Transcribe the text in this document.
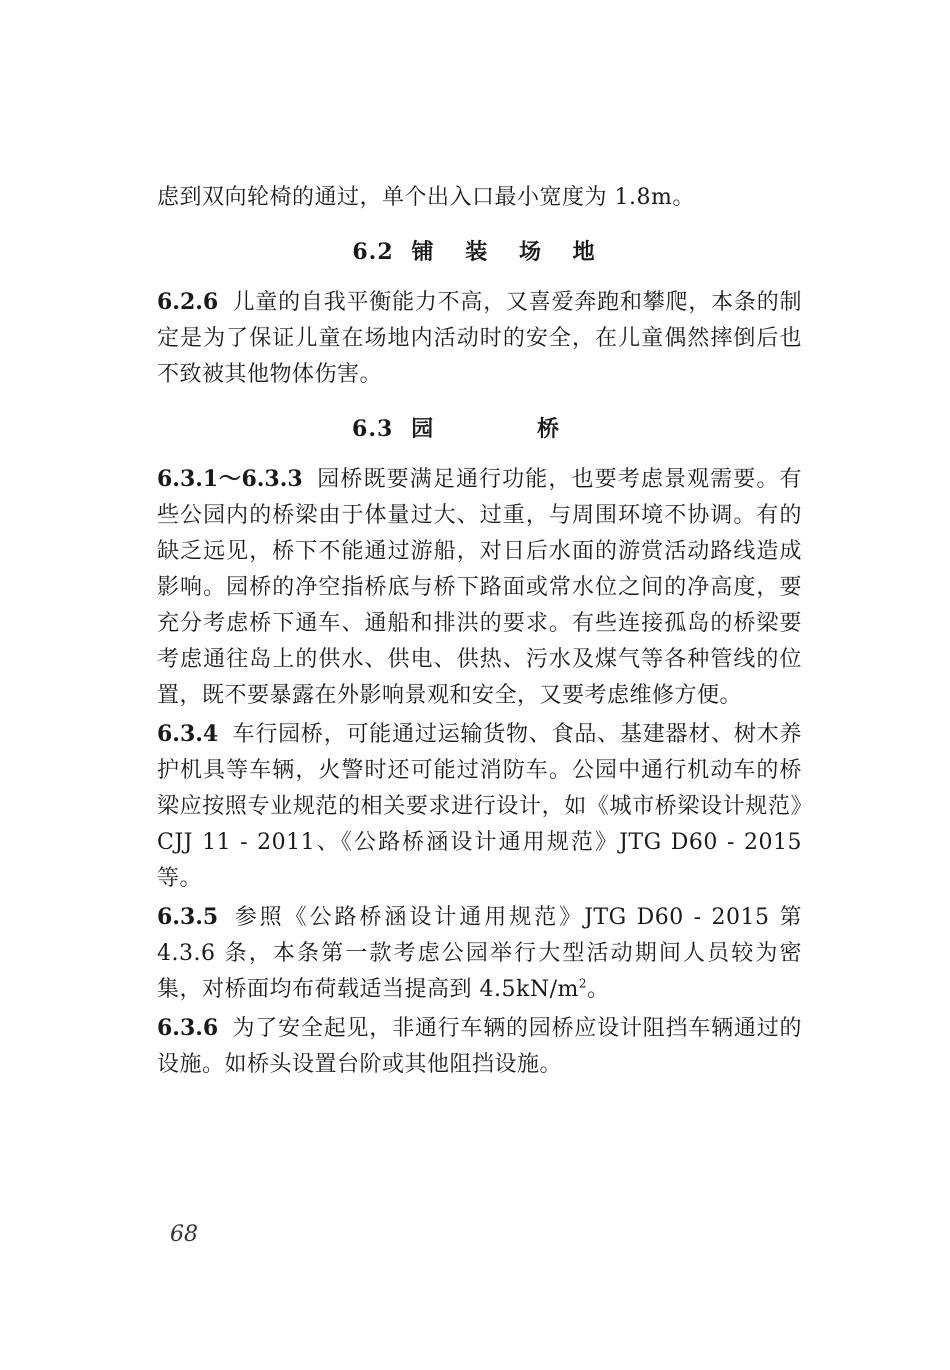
虑到双向轮椅的通过，单个出入口最小宽度为 1.8m。

6.2 铺 装 场 地

6.2.6 儿童的自我平衡能力不高，又喜爱奔跑和攀爬，本条的制定是为了保证儿童在场地内活动时的安全，在儿童偶然摔倒后也不致被其他物体伤害。

6.3 园 桥

6.3.1～6.3.3 园桥既要满足通行功能，也要考虑景观需要。有些公园内的桥梁由于体量过大、过重，与周围环境不协调。有的缺乏远见，桥下不能通过游船，对日后水面的游赏活动路线造成影响。园桥的净空指桥底与桥下路面或常水位之间的净高度，要充分考虑桥下通车、通船和排洪的要求。有些连接孤岛的桥梁要考虑通往岛上的供水、供电、供热、污水及煤气等各种管线的位置，既不要暴露在外影响景观和安全，又要考虑维修方便。

6.3.4 车行园桥，可能通过运输货物、食品、基建器材、树木养护机具等车辆，火警时还可能过消防车。公园中通行机动车的桥梁应按照专业规范的相关要求进行设计，如《城市桥梁设计规范》CJJ 11 - 2011、《公路桥涵设计通用规范》JTG D60 - 2015 等。

6.3.5 参照《公路桥涵设计通用规范》JTG D60 - 2015 第 4.3.6 条，本条第一款考虑公园举行大型活动期间人员较为密集，对桥面均布荷载适当提高到 $4.5kN/m^2$。

6.3.6 为了安全起见，非通行车辆的园桥应设计阻挡车辆通过的设施。如桥头设置台阶或其他阻挡设施。

68
